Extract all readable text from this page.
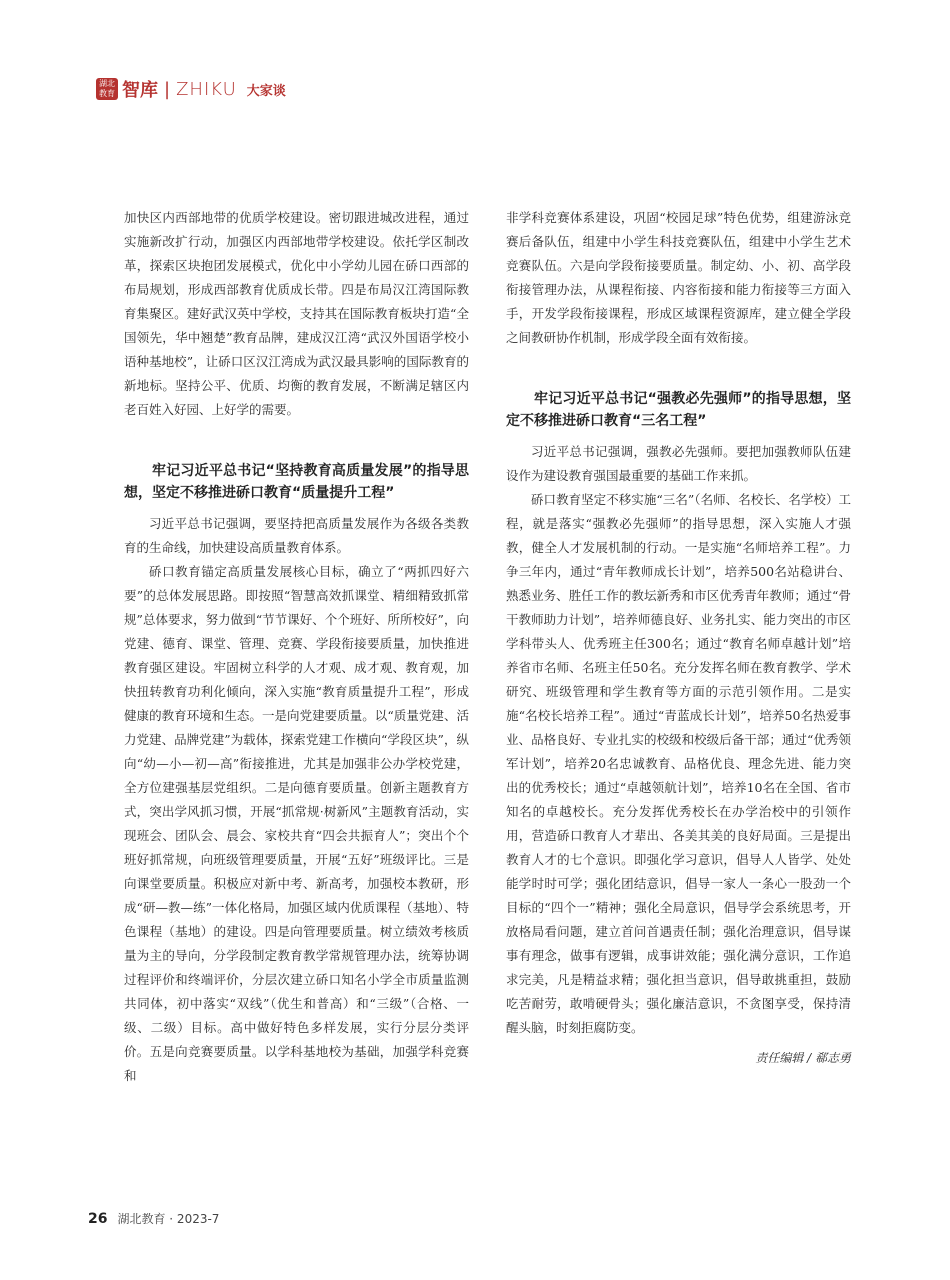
湖北教育 智库 | ZHIKU 大家谈

加快区内西部地带的优质学校建设。密切跟进城改进程，通过实施新改扩行动，加强区内西部地带学校建设。依托学区制改革，探索区块抱团发展模式，优化中小学幼儿园在硚口西部的布局规划，形成西部教育优质成长带。四是布局汉江湾国际教育集聚区。建好武汉英中学校，支持其在国际教育板块打造“全国领先，华中翘楚”教育品牌，建成汉江湾“武汉外国语学校小语种基地校”，让硚口区汉江湾成为武汉最具影响的国际教育的新地标。坚持公平、优质、均衡的教育发展，不断满足辖区内老百姓入好园、上好学的需要。

牢记习近平总书记“坚持教育高质量发展”的指导思想，坚定不移推进硚口教育“质量提升工程”

习近平总书记强调，要坚持把高质量发展作为各级各类教育的生命线，加快建设高质量教育体系。

硚口教育锚定高质量发展核心目标，确立了“两抓四好六要”的总体发展思路。即按照“智慧高效抓课堂、精细精致抓常规”总体要求，努力做到“节节课好、个个班好、所所校好”，向党建、德育、课堂、管理、竞赛、学段衔接要质量，加快推进教育强区建设。牢固树立科学的人才观、成才观、教育观，加快扭转教育功利化倾向，深入实施“教育质量提升工程”，形成健康的教育环境和生态。一是向党建要质量。以“质量党建、活力党建、品牌党建”为载体，探索党建工作横向“学段区块”，纵向“幼—小—初—高”衔接推进，尤其是加强非公办学校党建，全方位建强基层党组织。二是向德育要质量。创新主题教育方式，突出学风抓习惯，开展“抓常规·树新风”主题教育活动，实现班会、团队会、晨会、家校共育“四会共振育人”；突出个个班好抓常规，向班级管理要质量，开展“五好”班级评比。三是向课堂要质量。积极应对新中考、新高考，加强校本教研，形成“研—教—练”一体化格局，加强区域内优质课程（基地）、特色课程（基地）的建设。四是向管理要质量。树立绩效考核质量为主的导向，分学段制定教育教学常规管理办法，统筹协调过程评价和终端评价，分层次建立硚口知名小学全市质量监测共同体，初中落实“双线”（优生和普高）和“三级”（合格、一级、二级）目标。高中做好特色多样发展，实行分层分类评价。五是向竞赛要质量。以学科基地校为基础，加强学科竞赛和

非学科竞赛体系建设，巩固“校园足球”特色优势，组建游泳竞赛后备队伍，组建中小学生科技竞赛队伍，组建中小学生艺术竞赛队伍。六是向学段衔接要质量。制定幼、小、初、高学段衔接管理办法，从课程衔接、内容衔接和能力衔接等三方面入手，开发学段衔接课程，形成区域课程资源库，建立健全学段之间教研协作机制，形成学段全面有效衔接。

牢记习近平总书记“强教必先强师”的指导思想，坚定不移推进硚口教育“三名工程”

习近平总书记强调，强教必先强师。要把加强教师队伍建设作为建设教育强国最重要的基础工作来抓。

硚口教育坚定不移实施“三名”（名师、名校长、名学校）工程，就是落实“强教必先强师”的指导思想，深入实施人才强教，健全人才发展机制的行动。一是实施“名师培养工程”。力争三年内，通过“青年教师成长计划”，培养500名站稳讲台、熟悉业务、胜任工作的教坛新秀和市区优秀青年教师；通过“骨干教师助力计划”，培养师德良好、业务扎实、能力突出的市区学科带头人、优秀班主任300名；通过“教育名师卓越计划”培养省市名师、名班主任50名。充分发挥名师在教育教学、学术研究、班级管理和学生教育等方面的示范引领作用。二是实施“名校长培养工程”。通过“青蓝成长计划”，培养50名热爱事业、品格良好、专业扎实的校级和校级后备干部；通过“优秀领军计划”，培养20名忠诚教育、品格优良、理念先进、能力突出的优秀校长；通过“卓越领航计划”，培养10名在全国、省市知名的卓越校长。充分发挥优秀校长在办学治校中的引领作用，营造硚口教育人才辈出、各美其美的良好局面。三是提出教育人才的七个意识。即强化学习意识，倡导人人皆学、处处能学时时可学；强化团结意识，倡导一家人一条心一股劲一个目标的“四个一”精神；强化全局意识，倡导学会系统思考，开放格局看问题，建立首问首遇责任制；强化治理意识，倡导谋事有理念，做事有逻辑，成事讲效能；强化满分意识，工作追求完美，凡是精益求精；强化担当意识，倡导敢挑重担，鼓励吃苦耐劳，敢啃硬骨头；强化廉洁意识，不贪图享受，保持清醒头脑，时刻拒腐防变。

责任编辑 / 郗志勇
26 湖北教育 · 2023-7
